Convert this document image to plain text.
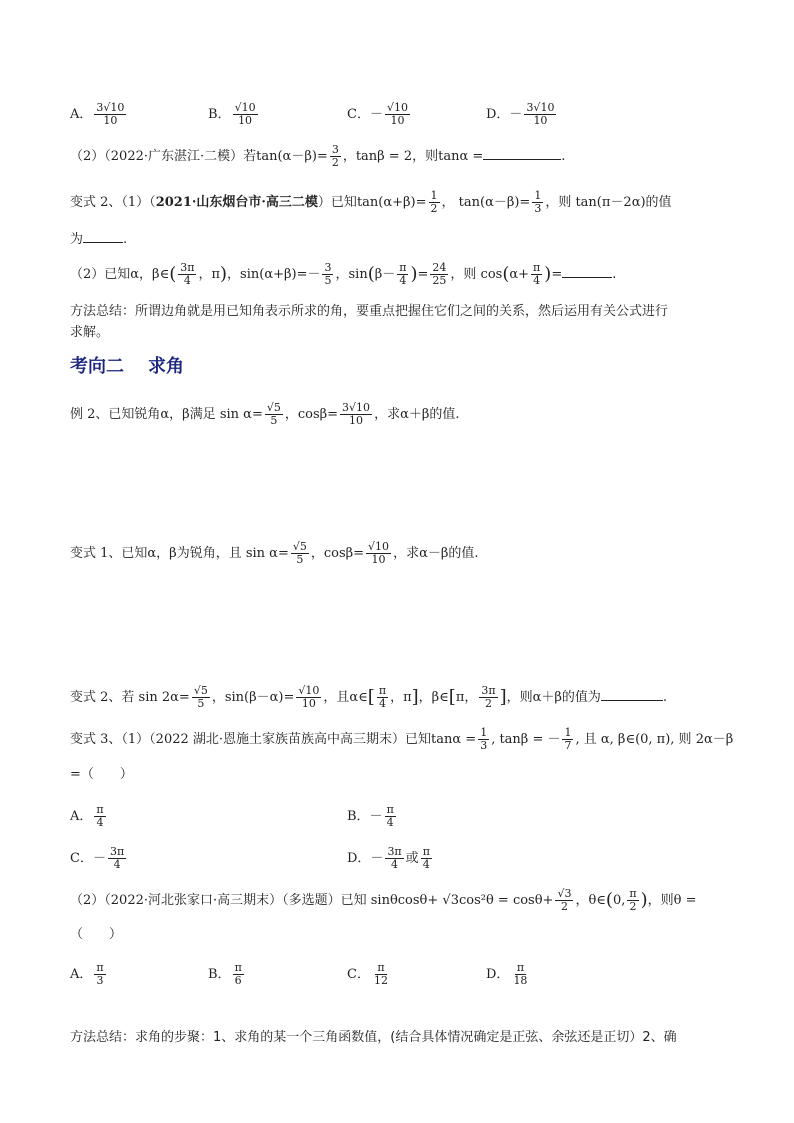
A． $\frac{3√10}{10}$	B． $\frac{√10}{10}$	C．－ $\frac{√10}{10}$	D．－ $\frac{3√10}{10}$
（2）（2022·广东湛江·二模）若$\tan(\alpha-\beta)= \frac{3}{2}$ ，tanβ = 2，则tanα =	.
变式 2、（1）（2021·山东烟台市·高三二模）已知$\tan(\alpha+\beta)= \frac{1}{2}$ ， $\tan(\alpha-\beta)= \frac{1}{3}$ ，则 tan(π－2α)的值
为	.
（2）已知α，β∈( $\frac{3\pi}{4}$ ，π)，$\sin(\alpha+\beta)=- \frac{3}{5}$ ，$\sin(\beta- \frac{\pi}{4}$ )= $\frac{24}{25}$ ，则 $\cos(\alpha+ \frac{\pi}{4}$ )=	.
方法总结：所谓边角就是用已知角表示所求的角，要重点把握住它们之间的关系，然后运用有关公式进行
求解。
考向二 求角
例 2、已知锐角α，β满足 $\sin \alpha= \frac{√5}{5}$ ，$\cos\beta= \frac{3√10}{10}$ ，求α＋β的值.
变式 1、已知α，β为锐角，且 $\sin \alpha= \frac{√5}{5}$ ，$\cos\beta= \frac{√10}{10}$ ，求α－β的值.
变式 2、若 $\sin 2\alpha= \frac{√5}{5}$ ，$\sin(\beta-\alpha)= \frac{√10}{10}$ ，且α∈[ $\frac{\pi}{4}$ ，π]，β∈[π， $\frac{3\pi}{2}$ ]，则α＋β的值为	.
变式 3、（1）（2022 湖北·恩施土家族苗族高中高三期末）已知$\tan\alpha = \frac{1}{3}$ , tanβ = － $\frac{1}{7}$ , 且 α, β∈(0, π), 则 2α－β
=（　　）
A． $\frac{\pi}{4}$	B．－ $\frac{\pi}{4}$
C．－ $\frac{3\pi}{4}$	D．－ $\frac{3\pi}{4}$ 或 $\frac{\pi}{4}$
（2）（2022·河北张家口·高三期末）（多选题）已知 $\sin\theta\cos\theta+ √3\cos^2\theta = \cos\theta+ \frac{√3}{2}$ ，θ∈(0, $\frac{\pi}{2}$ )，则θ =
（　　）
A． $\frac{\pi}{3}$	B． $\frac{\pi}{6}$	C． $\frac{\pi}{12}$	D． $\frac{\pi}{18}$
方法总结：求角的步聚：1、求角的某一个三角函数值，(结合具体情况确定是正弦、余弦还是正切）2、确
